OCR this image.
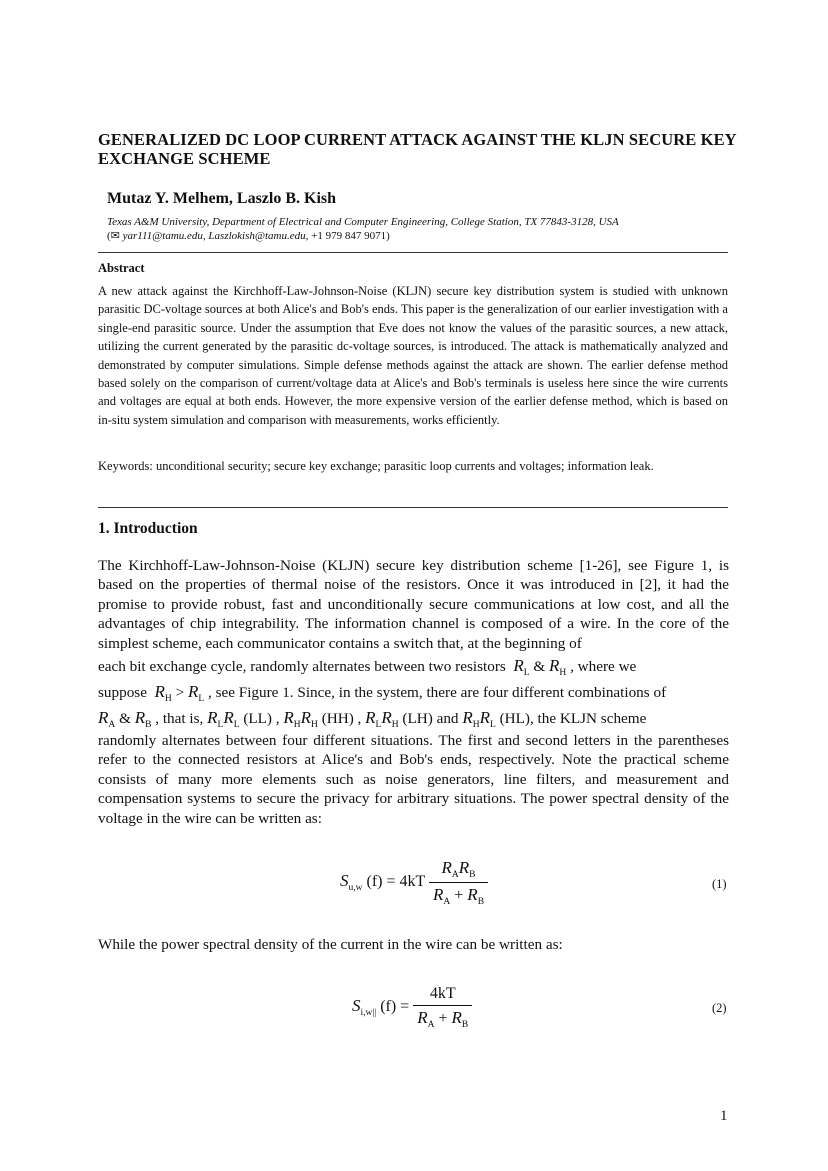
GENERALIZED DC LOOP CURRENT ATTACK AGAINST THE KLJN SECURE KEY EXCHANGE SCHEME
Mutaz Y. Melhem, Laszlo B. Kish
Texas A&M University, Department of Electrical and Computer Engineering, College Station, TX 77843-3128, USA
(✉ yar111@tamu.edu, Laszlokish@tamu.edu, +1 979 847 9071)
Abstract
A new attack against the Kirchhoff-Law-Johnson-Noise (KLJN) secure key distribution system is studied with unknown parasitic DC-voltage sources at both Alice's and Bob's ends. This paper is the generalization of our earlier investigation with a single-end parasitic source. Under the assumption that Eve does not know the values of the parasitic sources, a new attack, utilizing the current generated by the parasitic dc-voltage sources, is introduced. The attack is mathematically analyzed and demonstrated by computer simulations. Simple defense methods against the attack are shown. The earlier defense method based solely on the comparison of current/voltage data at Alice's and Bob's terminals is useless here since the wire currents and voltages are equal at both ends. However, the more expensive version of the earlier defense method, which is based on in-situ system simulation and comparison with measurements, works efficiently.
Keywords: unconditional security; secure key exchange; parasitic loop currents and voltages; information leak.
1. Introduction
The Kirchhoff-Law-Johnson-Noise (KLJN) secure key distribution scheme [1-26], see Figure 1, is based on the properties of thermal noise of the resistors. Once it was introduced in [2], it had the promise to provide robust, fast and unconditionally secure communications at low cost, and all the advantages of chip integrability. The information channel is composed of a wire. In the core of the simplest scheme, each communicator contains a switch that, at the beginning of
each bit exchange cycle, randomly alternates between two resistors $R_L$ & $R_H$ , where we
suppose $R_H > R_L$ , see Figure 1. Since, in the system, there are four different combinations of
$R_A$ & $R_B$ , that is, $R_LR_L$ (LL) , $R_HR_H$ (HH) , $R_LR_H$ (LH) and $R_HR_L$ (HL), the KLJN scheme
randomly alternates between four different situations. The first and second letters in the parentheses refer to the connected resistors at Alice's and Bob's ends, respectively. Note the practical scheme consists of many more elements such as noise generators, line filters, and measurement and compensation systems to secure the privacy for arbitrary situations. The power spectral density of the voltage in the wire can be written as:
$S_{u,w}$ $(f) = 4kT \frac{R_AR_B}{R_A + R_B}$	(1)
While the power spectral density of the current in the wire can be written as:
$S_{i,w||}$ $(f) = \frac{4kT}{R_A + R_B}$	(2)
1
